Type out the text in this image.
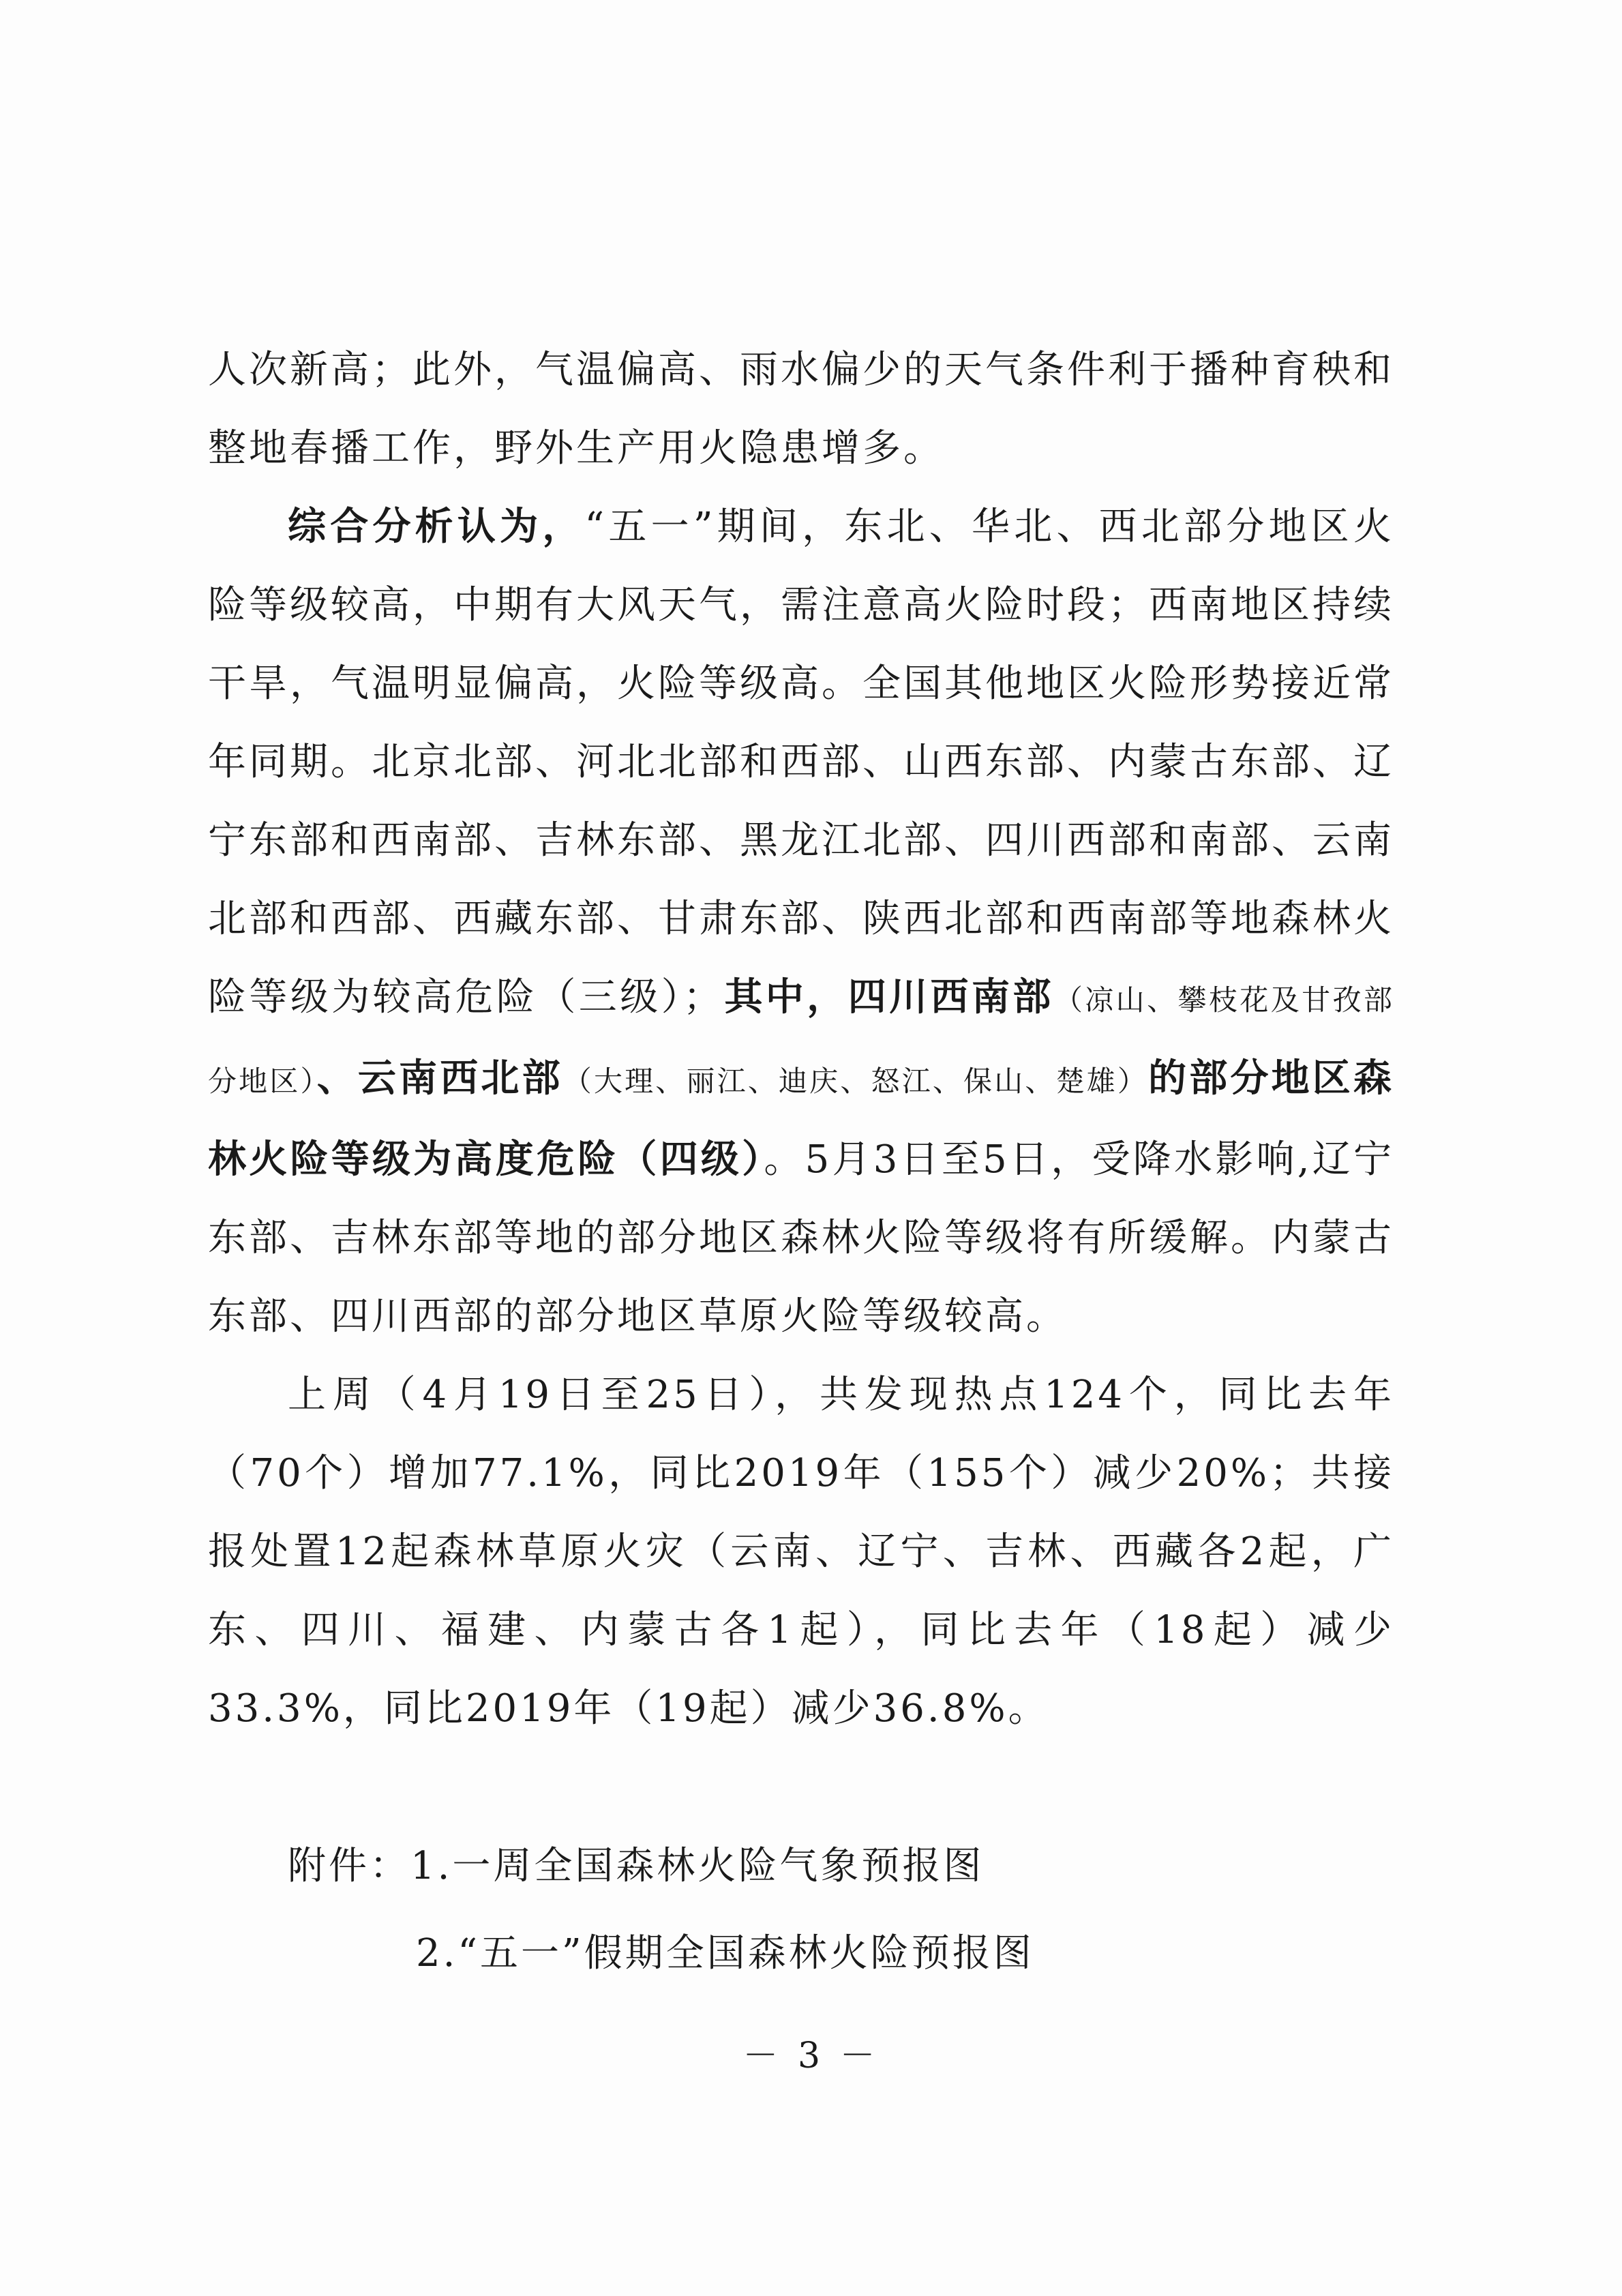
人次新高；此外，气温偏高、雨水偏少的天气条件利于播种育秧和整地春播工作，野外生产用火隐患增多。

综合分析认为，“五一”期间，东北、华北、西北部分地区火险等级较高，中期有大风天气，需注意高火险时段；西南地区持续干旱，气温明显偏高，火险等级高。全国其他地区火险形势接近常年同期。北京北部、河北北部和西部、山西东部、内蒙古东部、辽宁东部和西南部、吉林东部、黑龙江北部、四川西部和南部、云南北部和西部、西藏东部、甘肃东部、陕西北部和西南部等地森林火险等级为较高危险（三级）；其中，四川西南部（凉山、攀枝花及甘孜部分地区）、云南西北部（大理、丽江、迪庆、怒江、保山、楚雄）的部分地区森林火险等级为高度危险（四级）。5月3日至5日，受降水影响,辽宁东部、吉林东部等地的部分地区森林火险等级将有所缓解。内蒙古东部、四川西部的部分地区草原火险等级较高。

上周（4月19日至25日），共发现热点124个，同比去年（70个）增加77.1%，同比2019年（155个）减少20%；共接报处置12起森林草原火灾（云南、辽宁、吉林、西藏各2起，广东、四川、福建、内蒙古各1起），同比去年（18起）减少33.3%，同比2019年（19起）减少36.8%。

附件：1.一周全国森林火险气象预报图

2.“五一”假期全国森林火险预报图

－ 3 －
